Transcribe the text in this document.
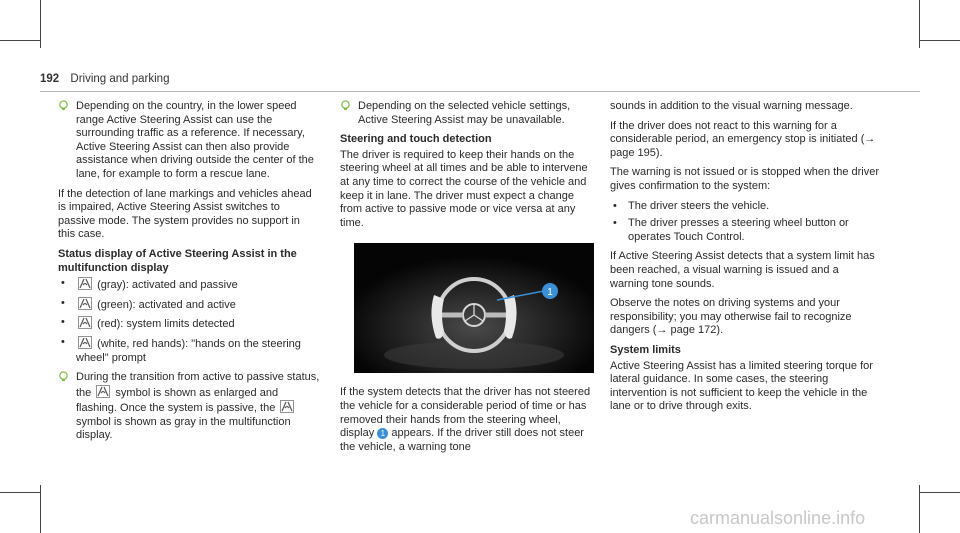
192 Driving and parking
Depending on the country, in the lower speed range Active Steering Assist can use the surrounding traffic as a reference. If necessary, Active Steering Assist can then also provide assistance when driving outside the center of the lane, for example to form a rescue lane.
If the detection of lane markings and vehicles ahead is impaired, Active Steering Assist switches to passive mode. The system provides no support in this case.
Status display of Active Steering Assist in the multifunction display
•	(gray): activated and passive
•	(green): activated and active
•	(red): system limits detected
•	(white, red hands): "hands on the steering wheel" prompt
During the transition from active to passive status, the symbol is shown as enlarged and flashing. Once the system is passive, the  symbol is shown as gray in the multifunction display.
Depending on the selected vehicle settings, Active Steering Assist may be unavailable.
Steering and touch detection
The driver is required to keep their hands on the steering wheel at all times and be able to intervene at any time to correct the course of the vehicle and keep it in lane. The driver must expect a change from active to passive mode or vice versa at any time.
If the system detects that the driver has not steered the vehicle for a considerable period of time or has removed their hands from the steering wheel, display 1 appears. If the driver still does not steer the vehicle, a warning tone
1
sounds in addition to the visual warning message.
If the driver does not react to this warning for a considerable period, an emergency stop is initiated (→ page 195).
The warning is not issued or is stopped when the driver gives confirmation to the system:
• The driver steers the vehicle.
• The driver presses a steering wheel button or operates Touch Control.
If Active Steering Assist detects that a system limit has been reached, a visual warning is issued and a warning tone sounds.
Observe the notes on driving systems and your responsibility; you may otherwise fail to recognize dangers (→ page 172).
System limits
Active Steering Assist has a limited steering torque for lateral guidance. In some cases, the steering intervention is not sufficient to keep the vehicle in the lane or to drive through exits.
carmanualsonline.info
